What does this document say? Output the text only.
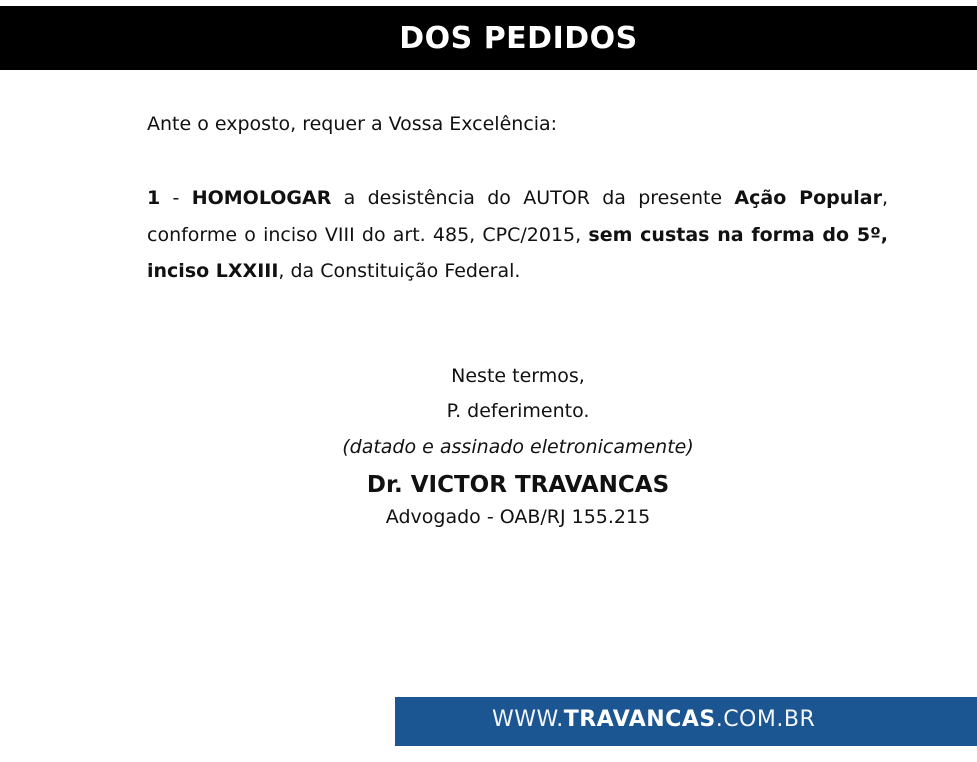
DOS PEDIDOS

Ante o exposto, requer a Vossa Excelência:

1 - HOMOLOGAR a desistência do AUTOR da presente Ação Popular, conforme o inciso VIII do art. 485, CPC/2015, sem custas na forma do 5º, inciso LXXIII, da Constituição Federal.

Neste termos,

P. deferimento.

(datado e assinado eletronicamente)

Dr. VICTOR TRAVANCAS

Advogado - OAB/RJ 155.215

WWW.TRAVANCAS.COM.BR
